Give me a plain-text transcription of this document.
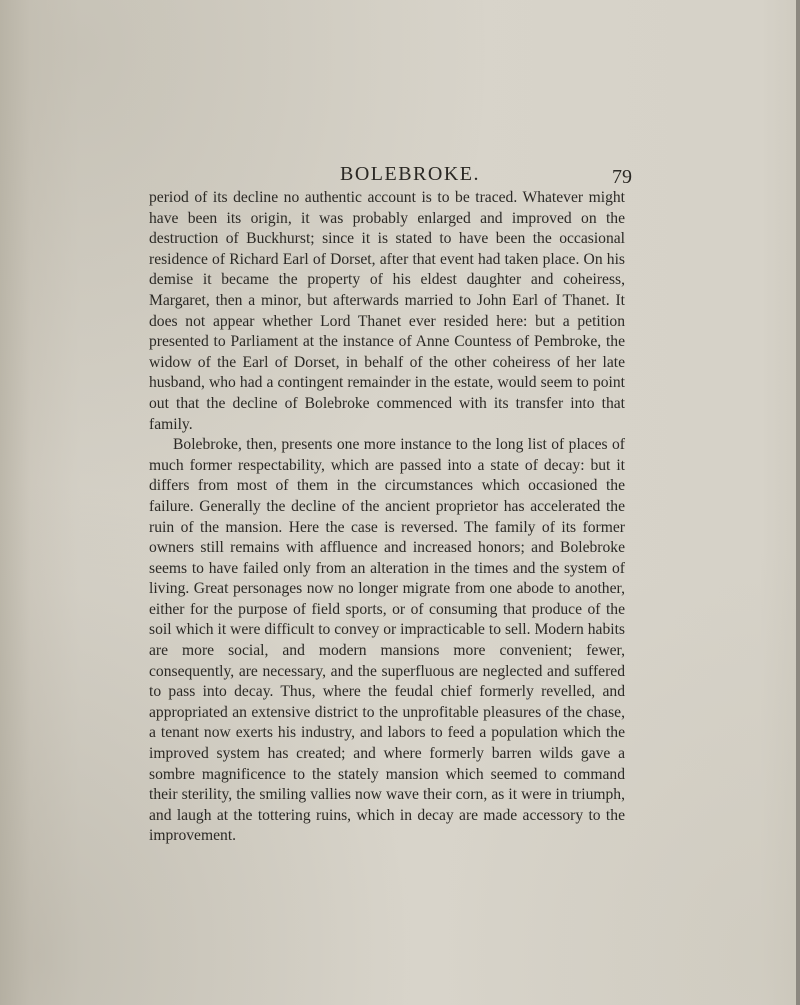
BOLEBROKE.	79

period of its decline no authentic account is to be traced. Whatever might have been its origin, it was probably enlarged and improved on the destruction of Buckhurst; since it is stated to have been the occasional residence of Richard Earl of Dorset, after that event had taken place. On his demise it became the property of his eldest daughter and coheiress, Margaret, then a minor, but afterwards married to John Earl of Thanet. It does not appear whether Lord Thanet ever resided here: but a petition presented to Parliament at the instance of Anne Countess of Pembroke, the widow of the Earl of Dorset, in behalf of the other coheiress of her late husband, who had a contingent remainder in the estate, would seem to point out that the decline of Bolebroke commenced with its transfer into that family.

Bolebroke, then, presents one more instance to the long list of places of much former respectability, which are passed into a state of decay: but it differs from most of them in the circumstances which occasioned the failure. Generally the decline of the ancient proprietor has accelerated the ruin of the mansion. Here the case is reversed. The family of its former owners still remains with affluence and increased honors; and Bolebroke seems to have failed only from an alteration in the times and the system of living. Great personages now no longer migrate from one abode to another, either for the purpose of field sports, or of consuming that produce of the soil which it were difficult to convey or impracticable to sell. Modern habits are more social, and modern mansions more convenient; fewer, consequently, are necessary, and the superfluous are neglected and suffered to pass into decay. Thus, where the feudal chief formerly revelled, and appropriated an extensive district to the unprofitable pleasures of the chase, a tenant now exerts his industry, and labors to feed a population which the improved system has created; and where formerly barren wilds gave a sombre magnificence to the stately mansion which seemed to command their sterility, the smiling vallies now wave their corn, as it were in triumph, and laugh at the tottering ruins, which in decay are made accessory to the improvement.
